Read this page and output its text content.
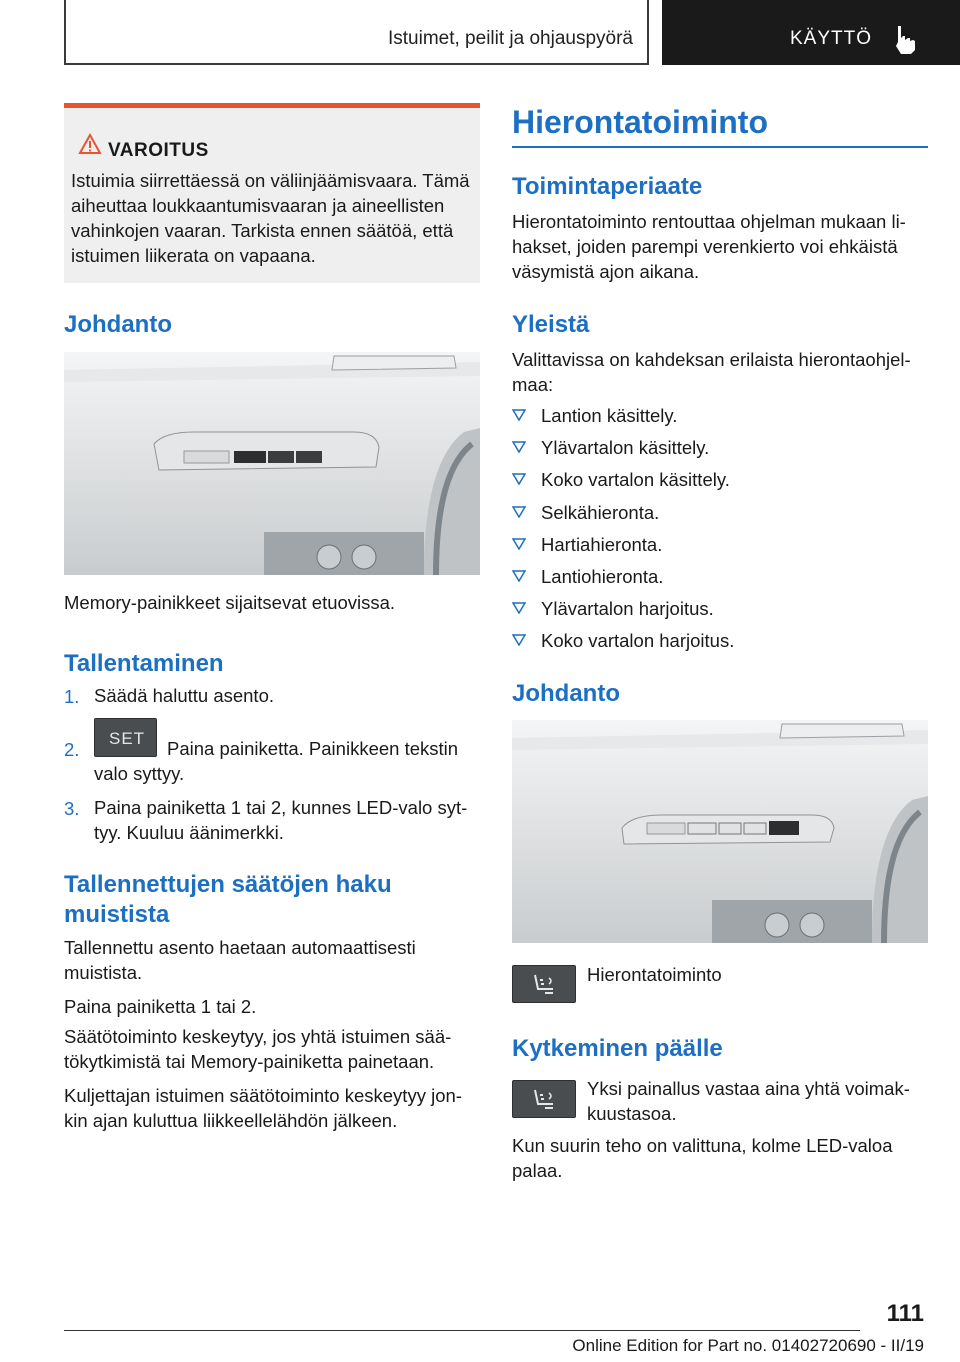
Istuimet, peilit ja ohjauspyörä	KÄYTTÖ
VAROITUS
Istuimia siirrettäessä on väliinjäämisvaara. Tämä aiheuttaa loukkaantumisvaaran ja aineellisten vahinkojen vaaran. Tarkista ennen säätöä, että istuimen liikerata on vapaana.
Johdanto
Memory-painikkeet sijaitsevat etuovissa.
Tallentaminen
1. Säädä haluttu asento.
2.
SET Paina painiketta. Painikkeen tekstin
valo syttyy.
3. Paina painiketta 1 tai 2, kunnes LED-valo syt-
tyy. Kuuluu äänimerkki.
Tallennettujen säätöjen haku
muistista
Tallennettu asento haetaan automaattisesti muistista.
Paina painiketta 1 tai 2.
Säätötoiminto keskeytyy, jos yhtä istuimen sää-tökytkimistä tai Memory-painiketta painetaan.
Kuljettajan istuimen säätötoiminto keskeytyy jon-kin ajan kuluttua liikkeellelähdön jälkeen.
Hierontatoiminto
Toimintaperiaate
Hierontatoiminto rentouttaa ohjelman mukaan li-hakset, joiden parempi verenkierto voi ehkäistä väsymistä ajon aikana.
Yleistä
Valittavissa on kahdeksan erilaista hierontaohjel-maa:
Lantion käsittely.
Ylävartalon käsittely.
Koko vartalon käsittely.
Selkähieronta.
Hartiahieronta.
Lantiohieronta.
Ylävartalon harjoitus.
Koko vartalon harjoitus.
Johdanto
Hierontatoiminto
Kytkeminen päälle
Yksi painallus vastaa aina yhtä voimak-
kuustasoa.
Kun suurin teho on valittuna, kolme LED-valoa palaa.
111
Online Edition for Part no. 01402720690 - II/19
